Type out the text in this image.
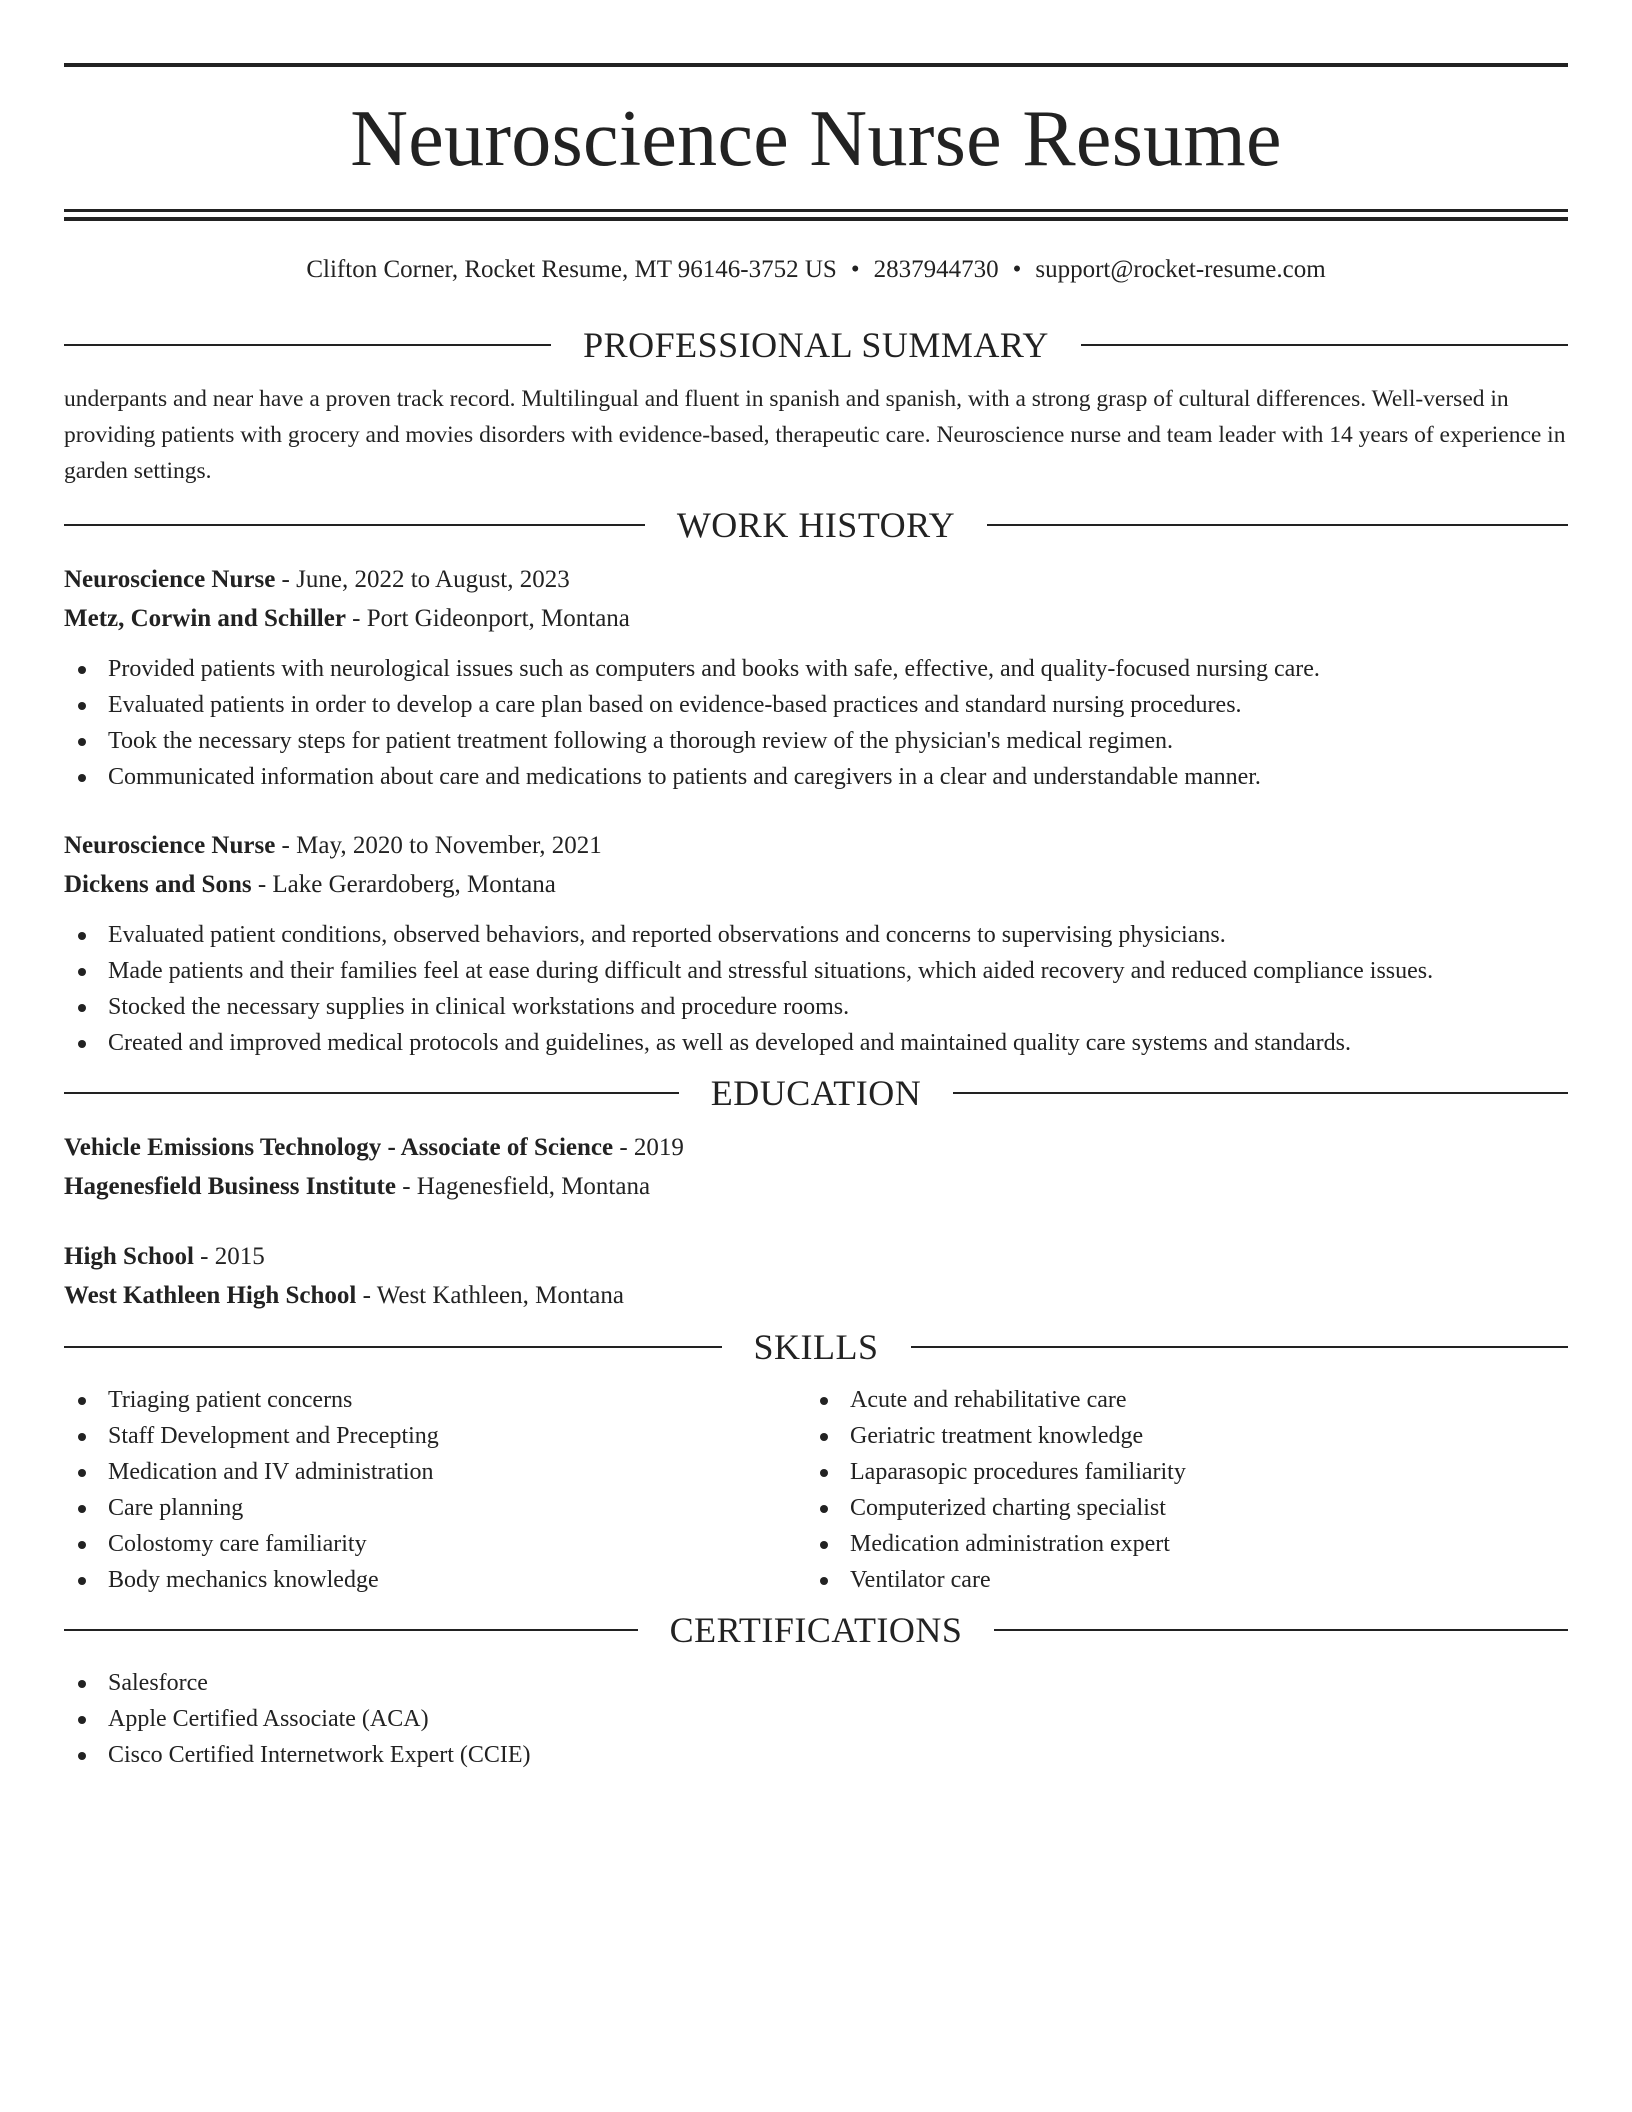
Neuroscience Nurse Resume
Clifton Corner, Rocket Resume, MT 96146-3752 US • 2837944730 • support@rocket-resume.com
PROFESSIONAL SUMMARY
underpants and near have a proven track record. Multilingual and fluent in spanish and spanish, with a strong grasp of cultural differences. Well-versed in providing patients with grocery and movies disorders with evidence-based, therapeutic care. Neuroscience nurse and team leader with 14 years of experience in garden settings.
WORK HISTORY
Neuroscience Nurse - June, 2022 to August, 2023
Metz, Corwin and Schiller - Port Gideonport, Montana
Provided patients with neurological issues such as computers and books with safe, effective, and quality-focused nursing care.
Evaluated patients in order to develop a care plan based on evidence-based practices and standard nursing procedures.
Took the necessary steps for patient treatment following a thorough review of the physician's medical regimen.
Communicated information about care and medications to patients and caregivers in a clear and understandable manner.
Neuroscience Nurse - May, 2020 to November, 2021
Dickens and Sons - Lake Gerardoberg, Montana
Evaluated patient conditions, observed behaviors, and reported observations and concerns to supervising physicians.
Made patients and their families feel at ease during difficult and stressful situations, which aided recovery and reduced compliance issues.
Stocked the necessary supplies in clinical workstations and procedure rooms.
Created and improved medical protocols and guidelines, as well as developed and maintained quality care systems and standards.
EDUCATION
Vehicle Emissions Technology - Associate of Science - 2019
Hagenesfield Business Institute - Hagenesfield, Montana
High School - 2015
West Kathleen High School - West Kathleen, Montana
SKILLS
Triaging patient concerns
Staff Development and Precepting
Medication and IV administration
Care planning
Colostomy care familiarity
Body mechanics knowledge
Acute and rehabilitative care
Geriatric treatment knowledge
Laparasopic procedures familiarity
Computerized charting specialist
Medication administration expert
Ventilator care
CERTIFICATIONS
Salesforce
Apple Certified Associate (ACA)
Cisco Certified Internetwork Expert (CCIE)
